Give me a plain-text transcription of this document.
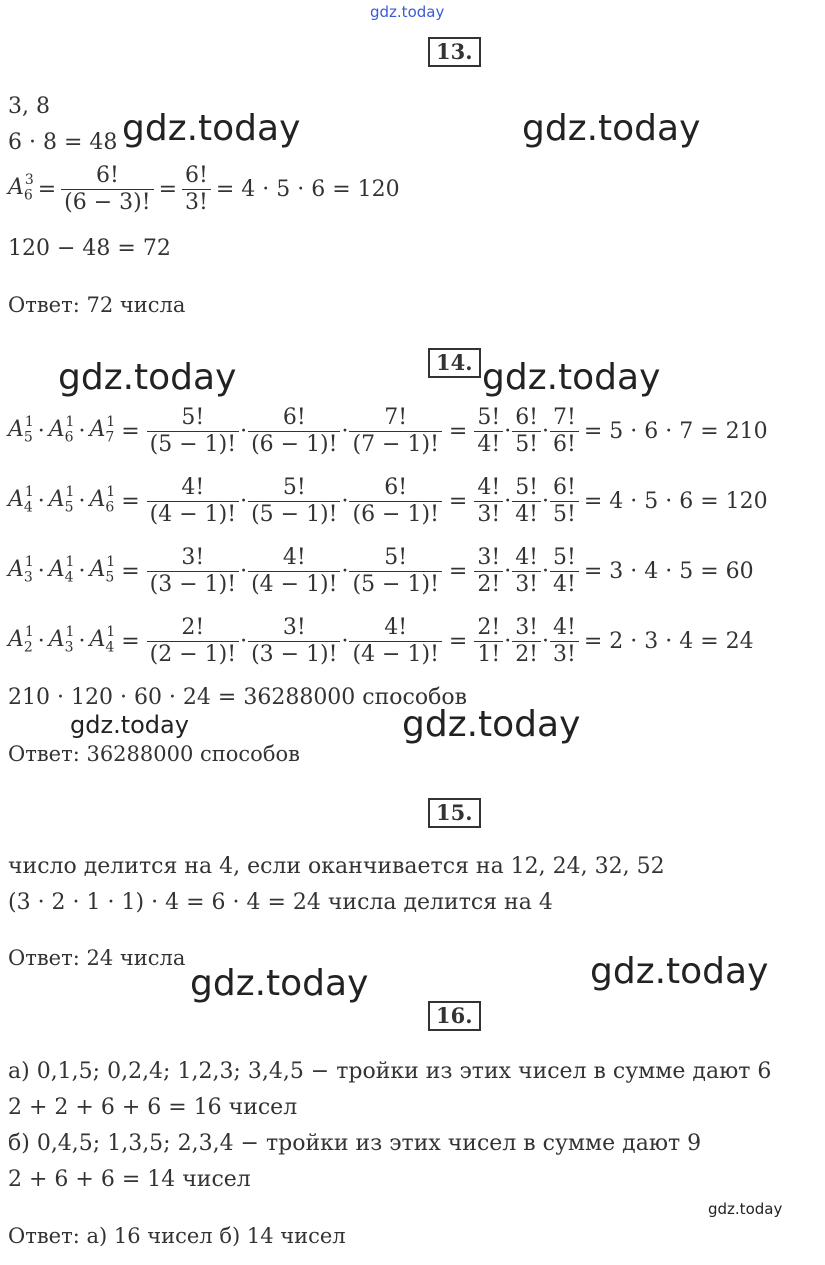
gdz.today
13.
3, 8
6 · 8 = 48 gdz.today	gdz.today
$A_6$
$^3 = \frac{6!}{(6 - 3)!} = \frac{6!}{3!} = 4 \cdot 5 \cdot 6 = 120$
120 − 48 = 72
Ответ: 72 числа
14.
gdz.today	gdz.today
$A_5$
$^1 \cdot A_6$
$^1 \cdot A_7$
$^1 = \frac{5!}{(5 - 1)!} \cdot \frac{6!}{(6 - 1)!} \cdot \frac{7!}{(7 - 1)!} = \frac{5!}{4!} \cdot \frac{6!}{5!} \cdot \frac{7!}{6!} = 5 \cdot 6 \cdot 7 = 210$
$A_4$
$^1 \cdot A_5$
$^1 \cdot A_6$
$^1 = \frac{4!}{(4 - 1)!} \cdot \frac{5!}{(5 - 1)!} \cdot \frac{6!}{(6 - 1)!} = \frac{4!}{3!} \cdot \frac{5!}{4!} \cdot \frac{6!}{5!} = 4 \cdot 5 \cdot 6 = 120$
$A_3$
$^1 \cdot A_4$
$^1 \cdot A_5$
$^1 = \frac{3!}{(3 - 1)!} \cdot \frac{4!}{(4 - 1)!} \cdot \frac{5!}{(5 - 1)!} = \frac{3!}{2!} \cdot \frac{4!}{3!} \cdot \frac{5!}{4!} = 3 \cdot 4 \cdot 5 = 60$
$A_2$
$^1 \cdot A_3$
$^1 \cdot A_4$
$^1 = \frac{2!}{(2 - 1)!} \cdot \frac{3!}{(3 - 1)!} \cdot \frac{4!}{(4 - 1)!} = \frac{2!}{1!} \cdot \frac{3!}{2!} \cdot \frac{4!}{3!} = 2 \cdot 3 \cdot 4 = 24$
210 · 120 · 60 · 24 = 36288000 способов
gdz.today	gdz.today
Ответ: 36288000 способов
15.
число делится на 4, если оканчивается на 12, 24, 32, 52
(3 · 2 · 1 · 1) · 4 = 6 · 4 = 24 числа делится на 4
Ответ: 24 числа
gdz.today	gdz.today
16.
а) 0,1,5; 0,2,4; 1,2,3; 3,4,5 − тройки из этих чисел в сумме дают 6
2 + 2 + 6 + 6 = 16 чисел
б) 0,4,5; 1,3,5; 2,3,4 − тройки из этих чисел в сумме дают 9
2 + 6 + 6 = 14 чисел
gdz.today
Ответ: а) 16 чисел б) 14 чисел
